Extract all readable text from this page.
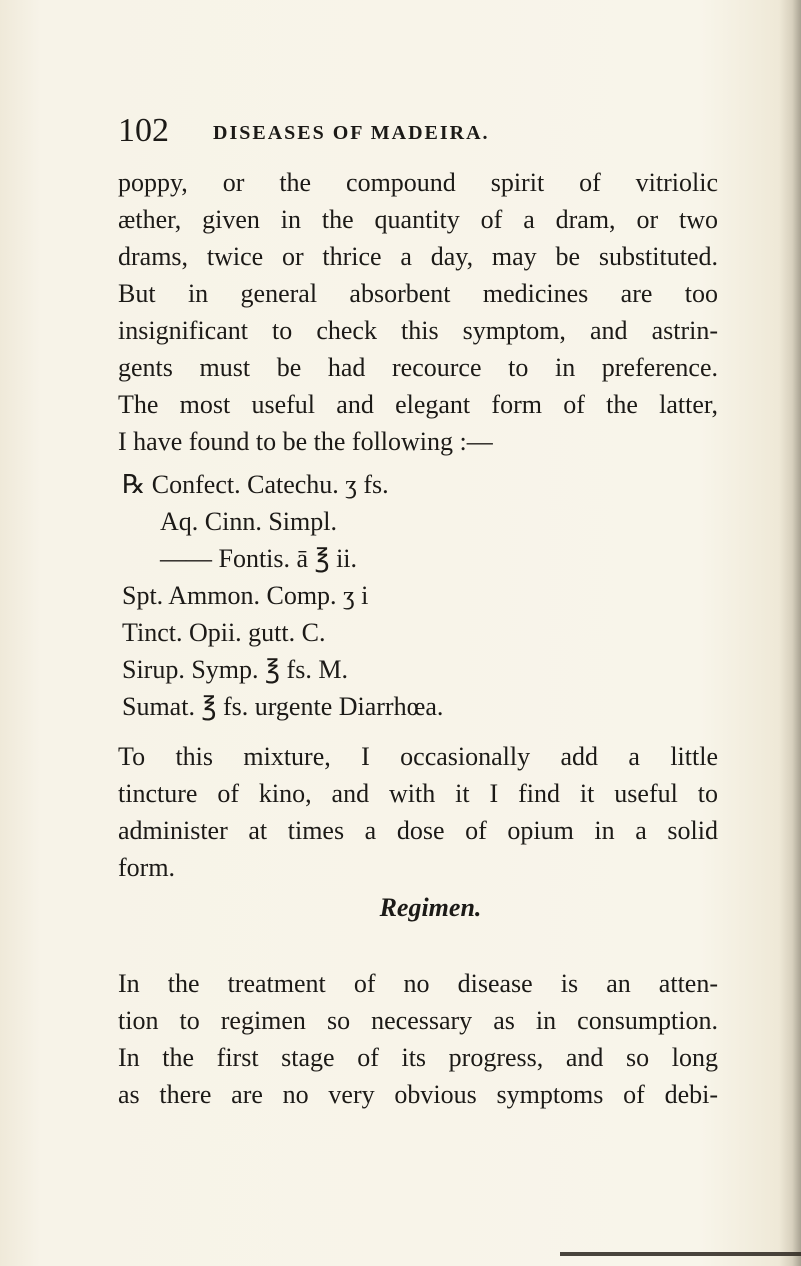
102 DISEASES OF MADEIRA.
poppy, or the compound spirit of vitriolic
æther, given in the quantity of a dram, or two
drams, twice or thrice a day, may be substituted.
But in general absorbent medicines are too
insignificant to check this symptom, and astrin-
gents must be had recource to in preference.
The most useful and elegant form of the latter,
I have found to be the following :—
℞ Confect. Catechu. ʒ fs.
Aq. Cinn. Simpl.
—— Fontis. ā ℥ ii.
Spt. Ammon. Comp. ʒ i
Tinct. Opii. gutt. C.
Sirup. Symp. ℥ fs. M.
Sumat. ℥ fs. urgente Diarrhœa.
To this mixture, I occasionally add a little
tincture of kino, and with it I find it useful to
administer at times a dose of opium in a solid
form.
Regimen.
In the treatment of no disease is an atten-
tion to regimen so necessary as in consumption.
In the first stage of its progress, and so long
as there are no very obvious symptoms of debi-
